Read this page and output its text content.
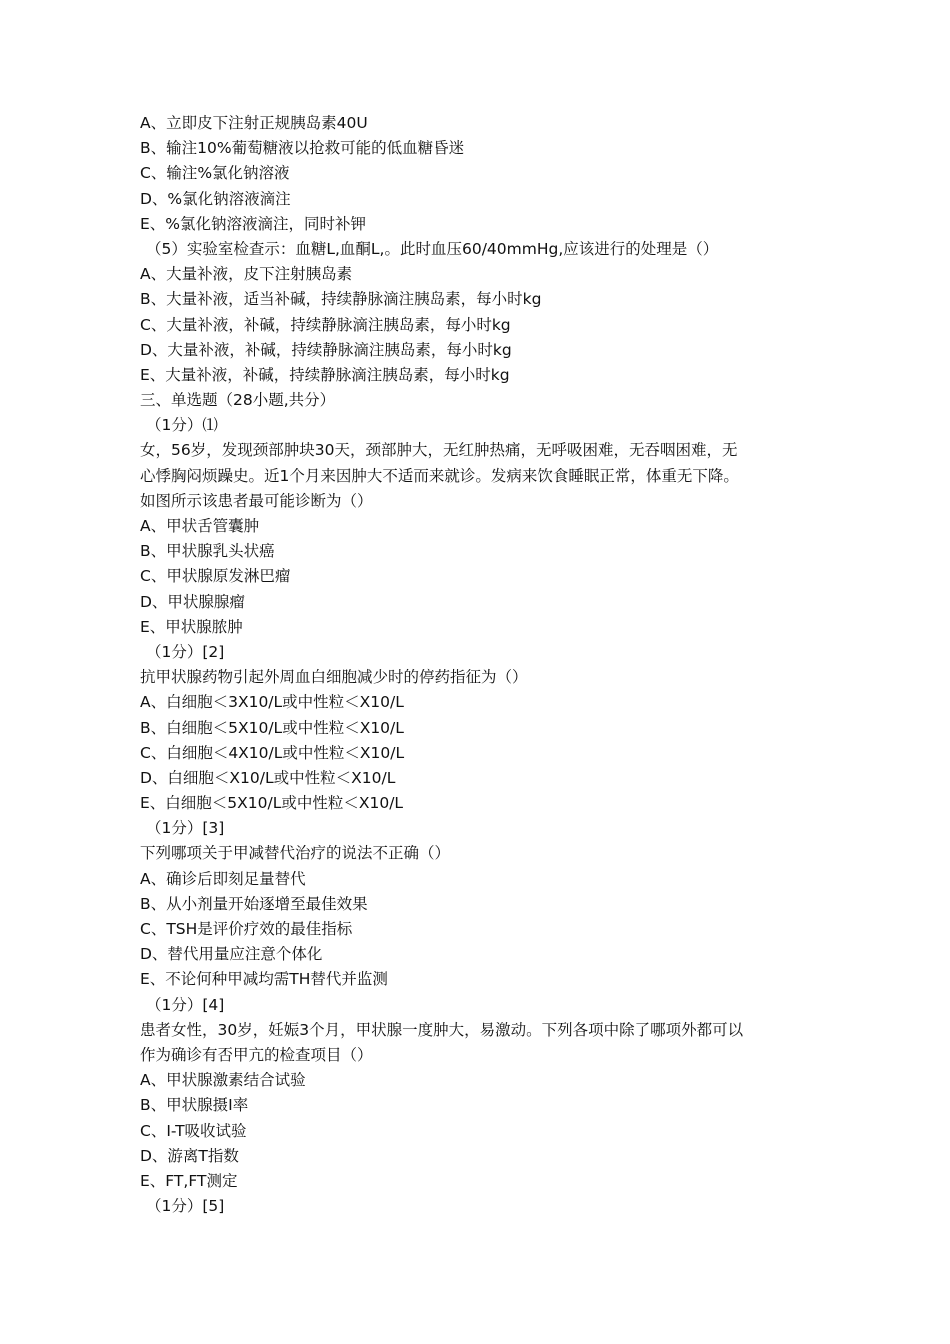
A、立即皮下注射正规胰岛素40U
B、输注10%葡萄糖液以抢救可能的低血糖昏迷
C、输注%氯化钠溶液
D、%氯化钠溶液滴注
E、%氯化钠溶液滴注，同时补钾
（5）实验室检查示：血糖L,血酮L,。此时血压60/40mmHg,应该进行的处理是（）
A、大量补液，皮下注射胰岛素
B、大量补液，适当补碱，持续静脉滴注胰岛素，每小时kg
C、大量补液，补碱，持续静脉滴注胰岛素，每小时kg
D、大量补液，补碱，持续静脉滴注胰岛素，每小时kg
E、大量补液，补碱，持续静脉滴注胰岛素，每小时kg
三、单选题（28小题,共分）
（1分）⑴
女，56岁，发现颈部肿块30天，颈部肿大，无红肿热痛，无呼吸困难，无吞咽困难，无
心悸胸闷烦躁史。近1个月来因肿大不适而来就诊。发病来饮食睡眠正常，体重无下降。
如图所示该患者最可能诊断为（）
A、甲状舌管囊肿
B、甲状腺乳头状癌
C、甲状腺原发淋巴瘤
D、甲状腺腺瘤
E、甲状腺脓肿
（1分）[2]
抗甲状腺药物引起外周血白细胞减少时的停药指征为（）
A、白细胞＜3X10/L或中性粒＜X10/L
B、白细胞＜5X10/L或中性粒＜X10/L
C、白细胞＜4X10/L或中性粒＜X10/L
D、白细胞＜X10/L或中性粒＜X10/L
E、白细胞＜5X10/L或中性粒＜X10/L
（1分）[3]
下列哪项关于甲减替代治疗的说法不正确（）
A、确诊后即刻足量替代
B、从小剂量开始逐增至最佳效果
C、TSH是评价疗效的最佳指标
D、替代用量应注意个体化
E、不论何种甲减均需TH替代并监测
（1分）[4]
患者女性，30岁，妊娠3个月，甲状腺一度肿大，易激动。下列各项中除了哪项外都可以
作为确诊有否甲亢的检查项目（）
A、甲状腺激素结合试验
B、甲状腺摄I率
C、I-T吸收试验
D、游离T指数
E、FT,FT测定
（1分）[5]
